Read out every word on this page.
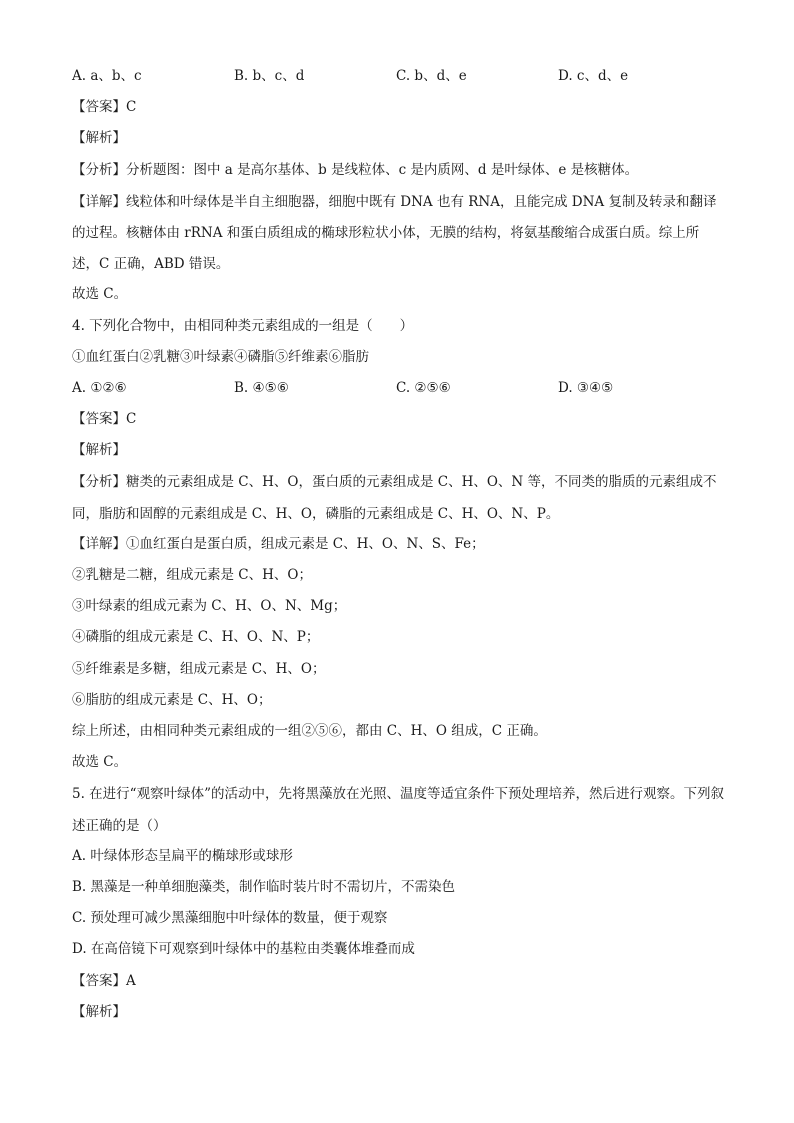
A. a、b、c	B. b、c、d	C. b、d、e	D. c、d、e
【答案】C
【解析】
【分析】分析题图：图中 a 是高尔基体、b 是线粒体、c 是内质网、d 是叶绿体、e 是核糖体。
【详解】线粒体和叶绿体是半自主细胞器，细胞中既有 DNA 也有 RNA，且能完成 DNA 复制及转录和翻译的过程。核糖体由 rRNA 和蛋白质组成的椭球形粒状小体，无膜的结构，将氨基酸缩合成蛋白质。综上所述，C 正确，ABD 错误。
故选 C。
4. 下列化合物中，由相同种类元素组成的一组是（　　）
①血红蛋白②乳糖③叶绿素④磷脂⑤纤维素⑥脂肪
A. ①②⑥	B. ④⑤⑥	C. ②⑤⑥	D. ③④⑤
【答案】C
【解析】
【分析】糖类的元素组成是 C、H、O，蛋白质的元素组成是 C、H、O、N 等，不同类的脂质的元素组成不同，脂肪和固醇的元素组成是 C、H、O，磷脂的元素组成是 C、H、O、N、P。
【详解】①血红蛋白是蛋白质，组成元素是 C、H、O、N、S、Fe；
②乳糖是二糖，组成元素是 C、H、O；
③叶绿素的组成元素为 C、H、O、N、Mg；
④磷脂的组成元素是 C、H、O、N、P；
⑤纤维素是多糖，组成元素是 C、H、O；
⑥脂肪的组成元素是 C、H、O；
综上所述，由相同种类元素组成的一组②⑤⑥，都由 C、H、O 组成，C 正确。
故选 C。
5. 在进行“观察叶绿体”的活动中，先将黑藻放在光照、温度等适宜条件下预处理培养，然后进行观察。下列叙述正确的是（）
A. 叶绿体形态呈扁平的椭球形或球形
B. 黑藻是一种单细胞藻类，制作临时装片时不需切片，不需染色
C. 预处理可减少黑藻细胞中叶绿体的数量，便于观察
D. 在高倍镜下可观察到叶绿体中的基粒由类囊体堆叠而成
【答案】A
【解析】
